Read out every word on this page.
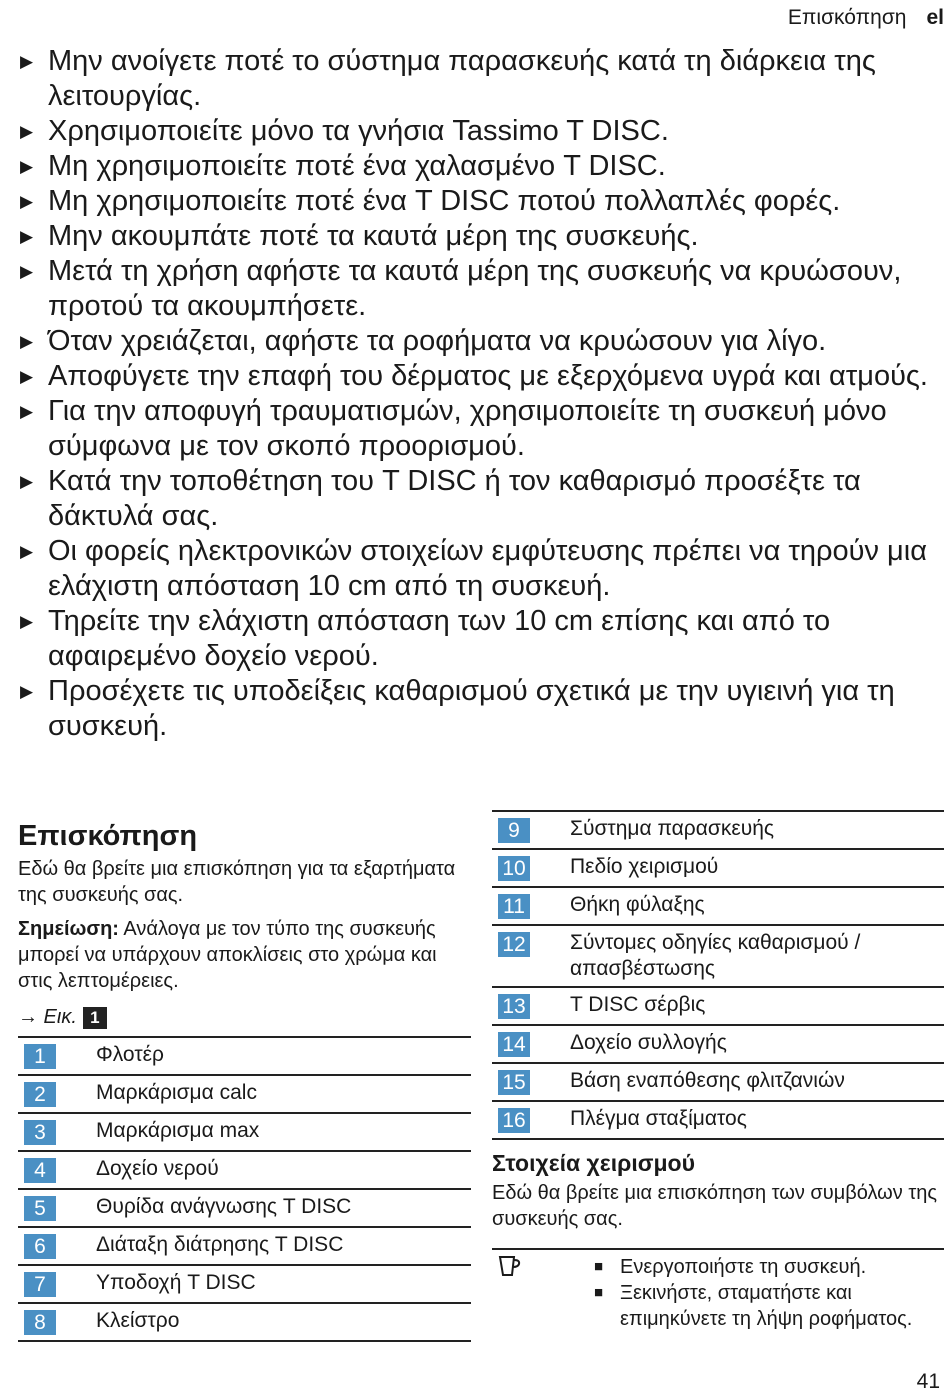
Επισκόπηση el
▶ Μην ανοίγετε ποτέ το σύστημα παρασκευής κατά τη διάρκεια της λειτουργίας.
▶ Χρησιμοποιείτε μόνο τα γνήσια Tassimo T DISC.
▶ Μη χρησιμοποιείτε ποτέ ένα χαλασμένο T DISC.
▶ Μη χρησιμοποιείτε ποτέ ένα T DISC ποτού πολλαπλές φορές.
▶ Μην ακουμπάτε ποτέ τα καυτά μέρη της συσκευής.
▶ Μετά τη χρήση αφήστε τα καυτά μέρη της συσκευής να κρυώσουν, προτού τα ακουμπήσετε.
▶ Όταν χρειάζεται, αφήστε τα ροφήματα να κρυώσουν για λίγο.
▶ Αποφύγετε την επαφή του δέρματος με εξερχόμενα υγρά και ατμούς.
▶ Για την αποφυγή τραυματισμών, χρησιμοποιείτε τη συσκευή μόνο σύμφωνα με τον σκοπό προορισμού.
▶ Κατά την τοποθέτηση του T DISC ή τον καθαρισμό προσέξτε τα δάκτυλά σας.
▶ Οι φορείς ηλεκτρονικών στοιχείων εμφύτευσης πρέπει να τηρούν μια ελάχιστη απόσταση 10 cm από τη συσκευή.
▶ Τηρείτε την ελάχιστη απόσταση των 10 cm επίσης και από το αφαιρεμένο δοχείο νερού.
▶ Προσέχετε τις υποδείξεις καθαρισμού σχετικά με την υγιεινή για τη συσκευή.
Επισκόπηση

Εδώ θα βρείτε μια επισκόπηση για τα εξαρτήματα της συσκευής σας.

Σημείωση: Ανάλογα με τον τύπο της συσκευής μπορεί να υπάρχουν αποκλίσεις στο χρώμα και στις λεπτομέρειες.

→ Εικ. 1
1	Φλοτέρ
2	Μαρκάρισμα calc
3	Μαρκάρισμα max
4	Δοχείο νερού
5	Θυρίδα ανάγνωσης T DISC
6	Διάταξη διάτρησης T DISC
7	Υποδοχή T DISC
8	Κλείστρο
9	Σύστημα παρασκευής
10 Πεδίο χειρισμού
11 Θήκη φύλαξης
12 Σύντομες οδηγίες καθαρισμού / απασβέστωσης
13 T DISC σέρβις
14 Δοχείο συλλογής
15 Βάση εναπόθεσης φλιτζανιών
16 Πλέγμα σταξίματος
Στοιχεία χειρισμού

Εδώ θα βρείτε μια επισκόπηση των συμβόλων της συσκευής σας.

■ Ενεργοποιήστε τη συσκευή.
■ Ξεκινήστε, σταματήστε και επιμηκύνετε τη λήψη ροφήματος.
41
